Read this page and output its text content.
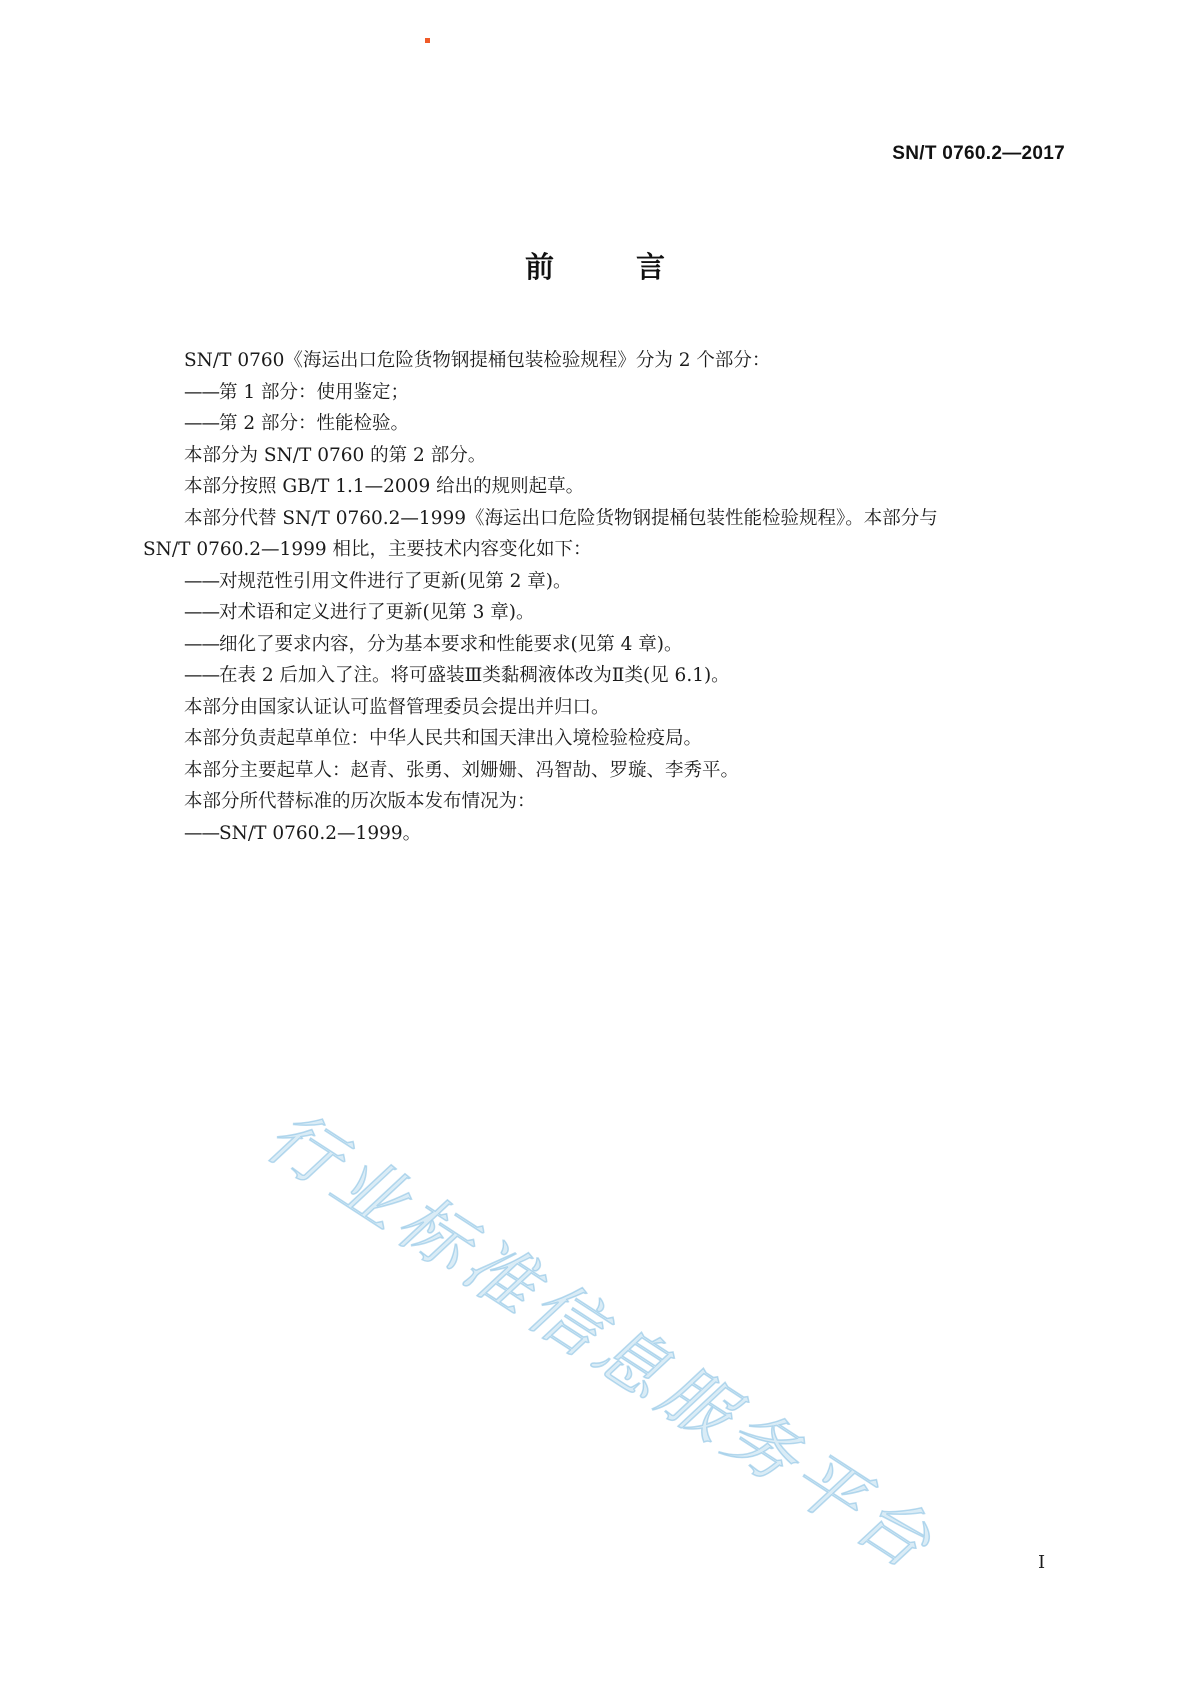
SN/T 0760.2—2017
前	言
SN/T 0760《海运出口危险货物钢提桶包装检验规程》分为 2 个部分：
—— 第 1 部分：使用鉴定；
—— 第 2 部分：性能检验。
本部分为 SN/T 0760 的第 2 部分。
本部分按照 GB/T 1.1—2009 给出的规则起草。
本部分代替 SN/T 0760.2—1999《海运出口危险货物钢提桶包装性能检验规程》。本部分与
SN/T 0760.2—1999 相比，主要技术内容变化如下：
—— 对规范性引用文件进行了更新(见第 2 章)。
—— 对术语和定义进行了更新(见第 3 章)。
—— 细化了要求内容，分为基本要求和性能要求(见第 4 章)。
—— 在表 2 后加入了注。将可盛装Ⅲ类黏稠液体改为Ⅱ类(见 6.1)。
本部分由国家认证认可监督管理委员会提出并归口。
本部分负责起草单位：中华人民共和国天津出入境检验检疫局。
本部分主要起草人：赵青、张勇、刘姗姗、冯智劼、罗璇、李秀平。
本部分所代替标准的历次版本发布情况为：
—— SN/T 0760.2—1999。
行业标准信息服务平台	I
